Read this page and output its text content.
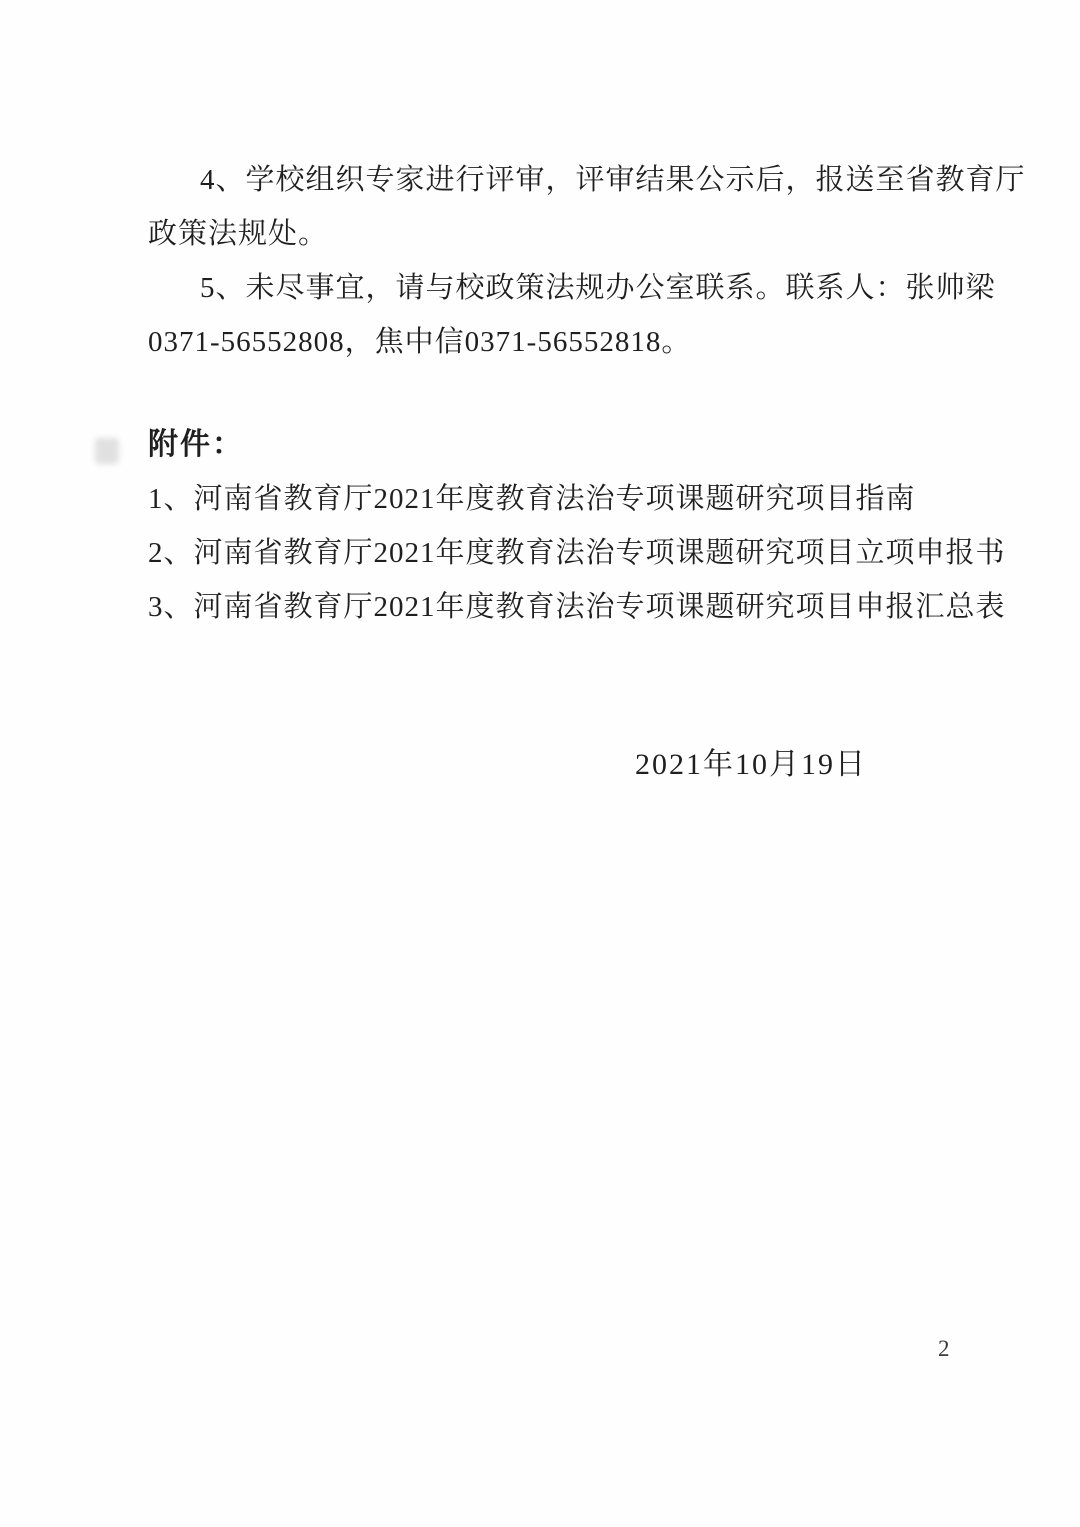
4、学校组织专家进行评审，评审结果公示后，报送至省教育厅
政策法规处。
5、未尽事宜，请与校政策法规办公室联系。联系人：张帅梁
0371-56552808，焦中信0371-56552818。
附件：
1、河南省教育厅2021年度教育法治专项课题研究项目指南
2、河南省教育厅2021年度教育法治专项课题研究项目立项申报书
3、河南省教育厅2021年度教育法治专项课题研究项目申报汇总表
2021年10月19日
2
